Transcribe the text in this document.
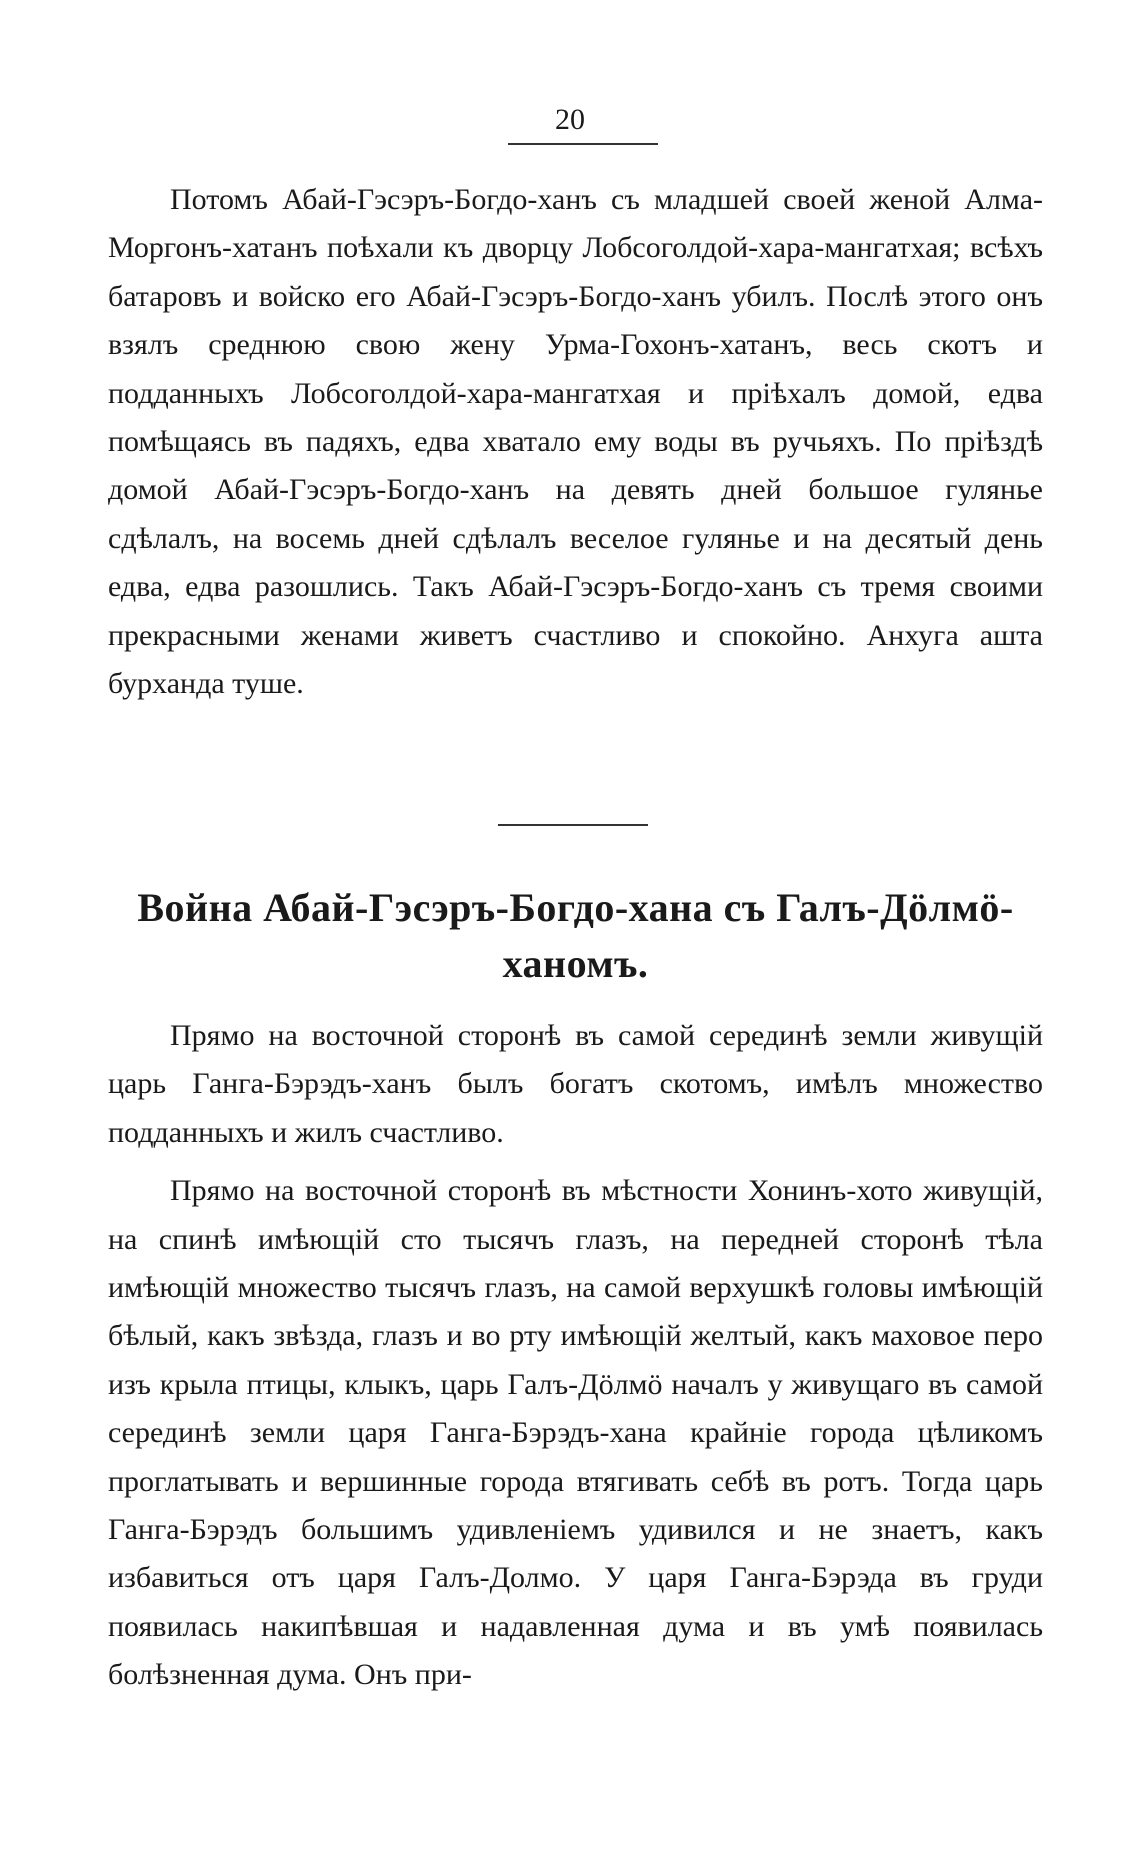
20

Потомъ Абай-Гэсэръ-Богдо-ханъ съ младшей своей женой Алма-Моргонъ-хатанъ поѣхали къ дворцу Лобсоголдой-хара-мангатхая; всѣхъ батаровъ и войско его Абай-Гэсэръ-Богдо-ханъ убилъ. Послѣ этого онъ взялъ среднюю свою жену Урма-Гохонъ-хатанъ, весь скотъ и подданныхъ Лобсоголдой-хара-мангатхая и пріѣхалъ домой, едва помѣщаясь въ падяхъ, едва хватало ему воды въ ручьяхъ. По пріѣздѣ домой Абай-Гэсэръ-Богдо-ханъ на девять дней большое гулянье сдѣлалъ, на восемь дней сдѣлалъ веселое гулянье и на десятый день едва, едва разошлись. Такъ Абай-Гэсэръ-Богдо-ханъ съ тремя своими прекрасными женами живетъ счастливо и спокойно. Анхуга ашта бурханда туше.

Война Абай-Гэсэръ-Богдо-хана съ Галъ-Дöлмö-ханомъ.

Прямо на восточной сторонѣ въ самой серединѣ земли живущій царь Ганга-Бэрэдъ-ханъ былъ богатъ скотомъ, имѣлъ множество подданныхъ и жилъ счастливо.

Прямо на восточной сторонѣ въ мѣстности Хонинъ-хото живущій, на спинѣ имѣющій сто тысячъ глазъ, на передней сторонѣ тѣла имѣющій множество тысячъ глазъ, на самой верхушкѣ головы имѣющій бѣлый, какъ звѣзда, глазъ и во рту имѣющій желтый, какъ маховое перо изъ крыла птицы, клыкъ, царь Галъ-Дöлмö началъ у живущаго въ самой серединѣ земли царя Ганга-Бэрэдъ-хана крайніе города цѣликомъ проглатывать и вершинные города втягивать себѣ въ ротъ. Тогда царь Ганга-Бэрэдъ большимъ удивленіемъ удивился и не знаетъ, какъ избавиться отъ царя Галъ-Долмо. У царя Ганга-Бэрэда въ груди появилась накипѣвшая и надавленная дума и въ умѣ появилась болѣзненная дума. Онъ при-
